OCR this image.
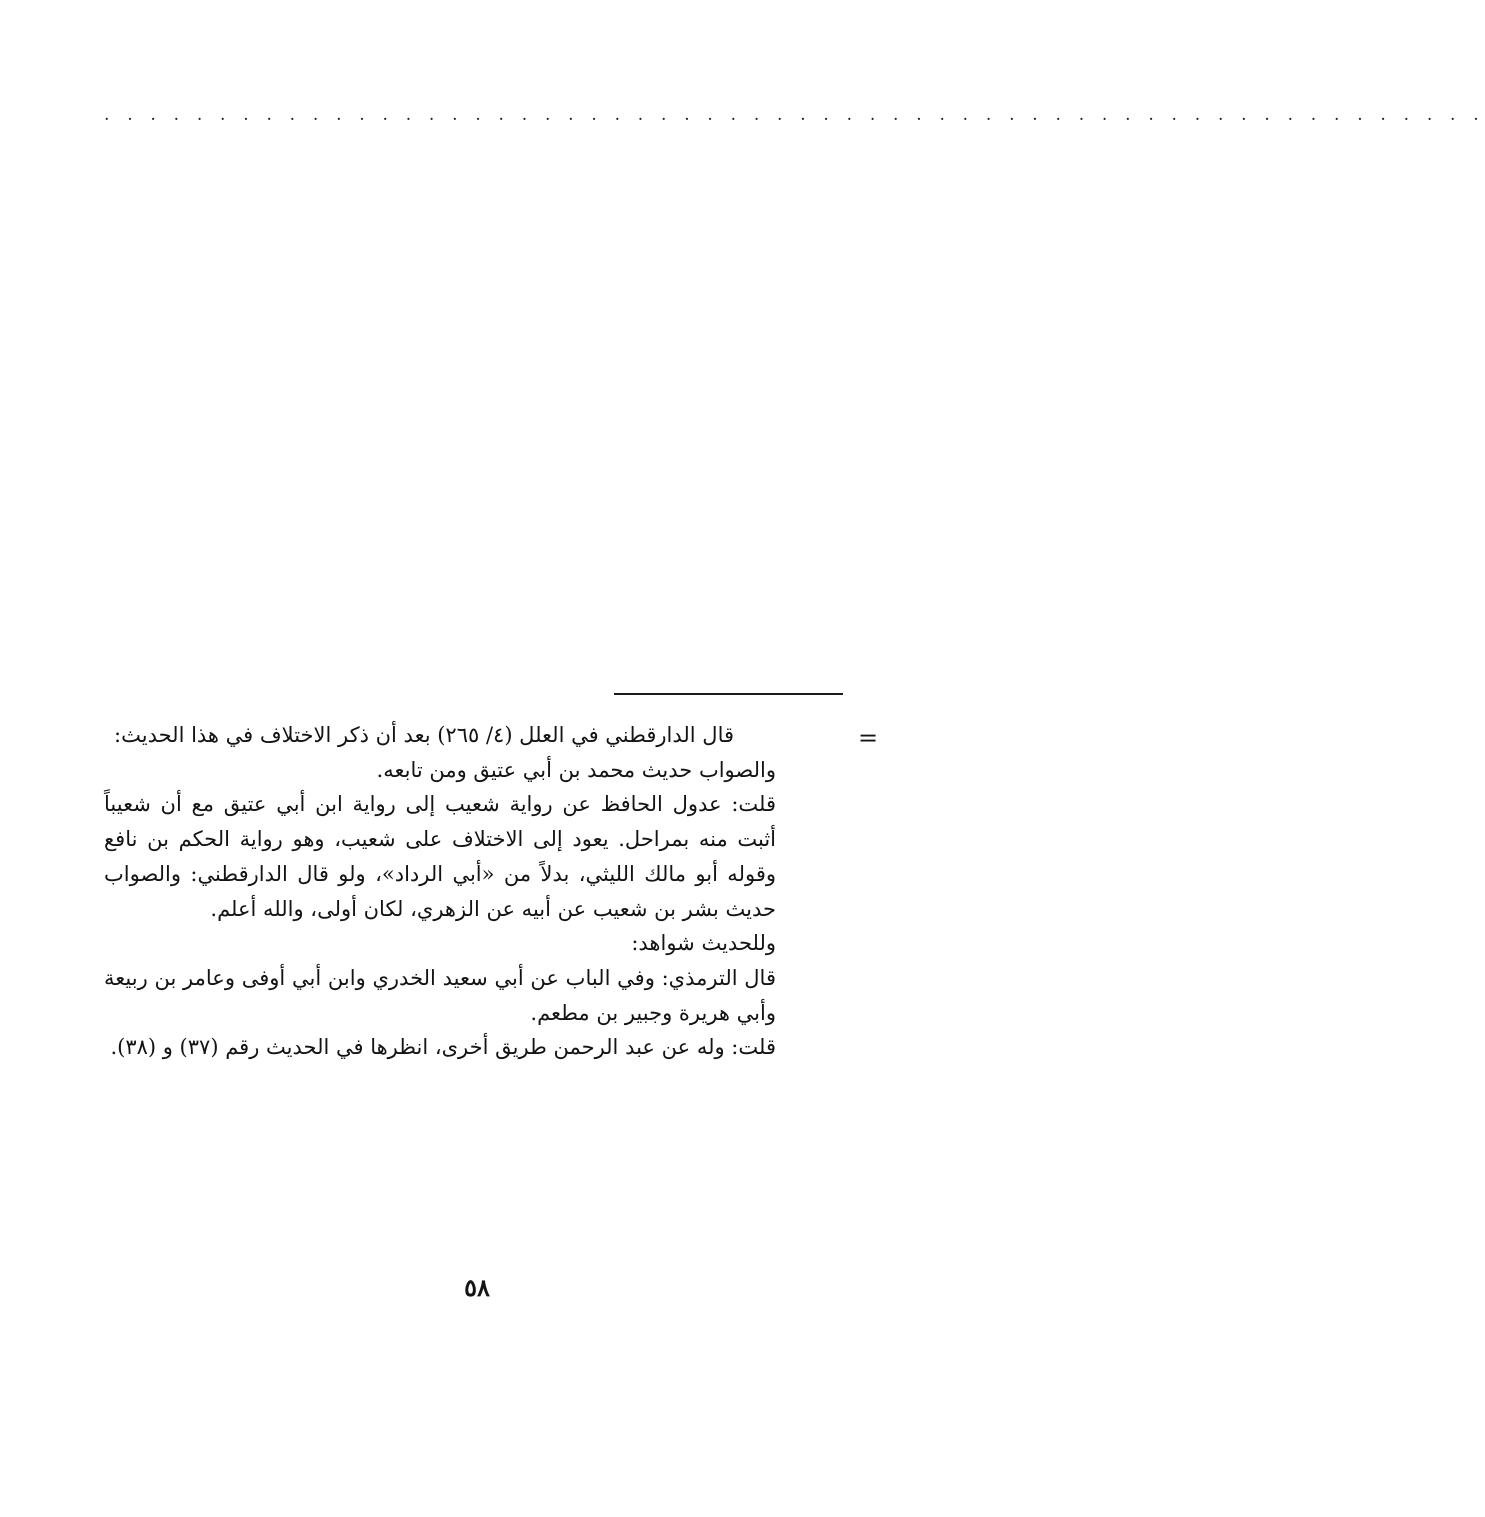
. . . . . . . . . . . . . . . . . . . . . . . . . . . . . . . . . . . . . . . . . . . . . . . . . . . . . . . . . . . .
=

قال الدارقطني في العلل (٤/ ٢٦٥) بعد أن ذكر الاختلاف في هذا الحديث:

والصواب حديث محمد بن أبي عتيق ومن تابعه.

قلت: عدول الحافظ عن رواية شعيب إلى رواية ابن أبي عتيق مع أن شعيباً أثبت منه بمراحل. يعود إلى الاختلاف على شعيب، وهو رواية الحكم بن نافع وقوله أبو مالك الليثي، بدلاً من «أبي الرداد»، ولو قال الدارقطني: والصواب حديث بشر بن شعيب عن أبيه عن الزهري، لكان أولى، والله أعلم.

وللحديث شواهد:

قال الترمذي: وفي الباب عن أبي سعيد الخدري وابن أبي أوفى وعامر بن ربيعة وأبي هريرة وجبير بن مطعم.

قلت: وله عن عبد الرحمن طريق أخرى، انظرها في الحديث رقم (٣٧) و (٣٨).

٥٨
